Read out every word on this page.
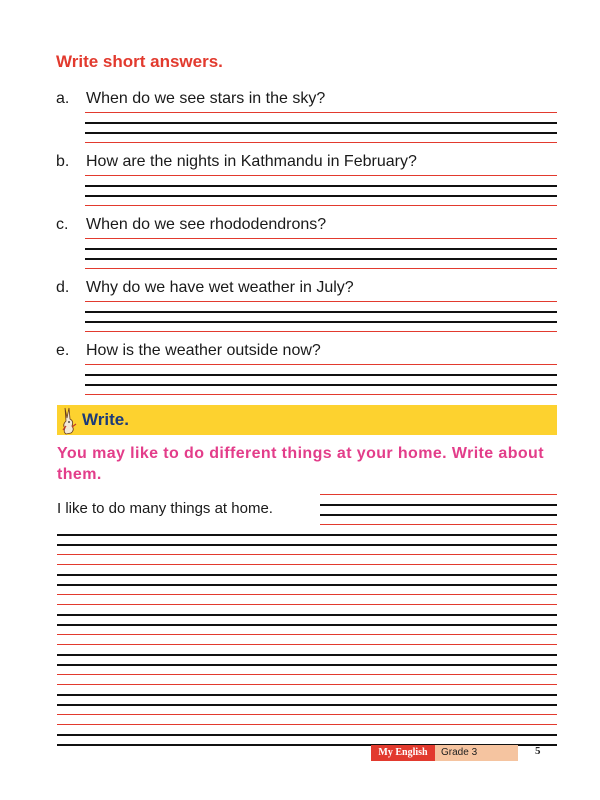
Write short answers.
a. When do we see stars in the sky?
b. How are the nights in Kathmandu in February?
c. When do we see rhododendrons?
d. Why do we have wet weather in July?
e. How is the weather outside now?
Write.
You may like to do different things at your home. Write about them.
I like to do many things at home.
My English	Grade 3	5
